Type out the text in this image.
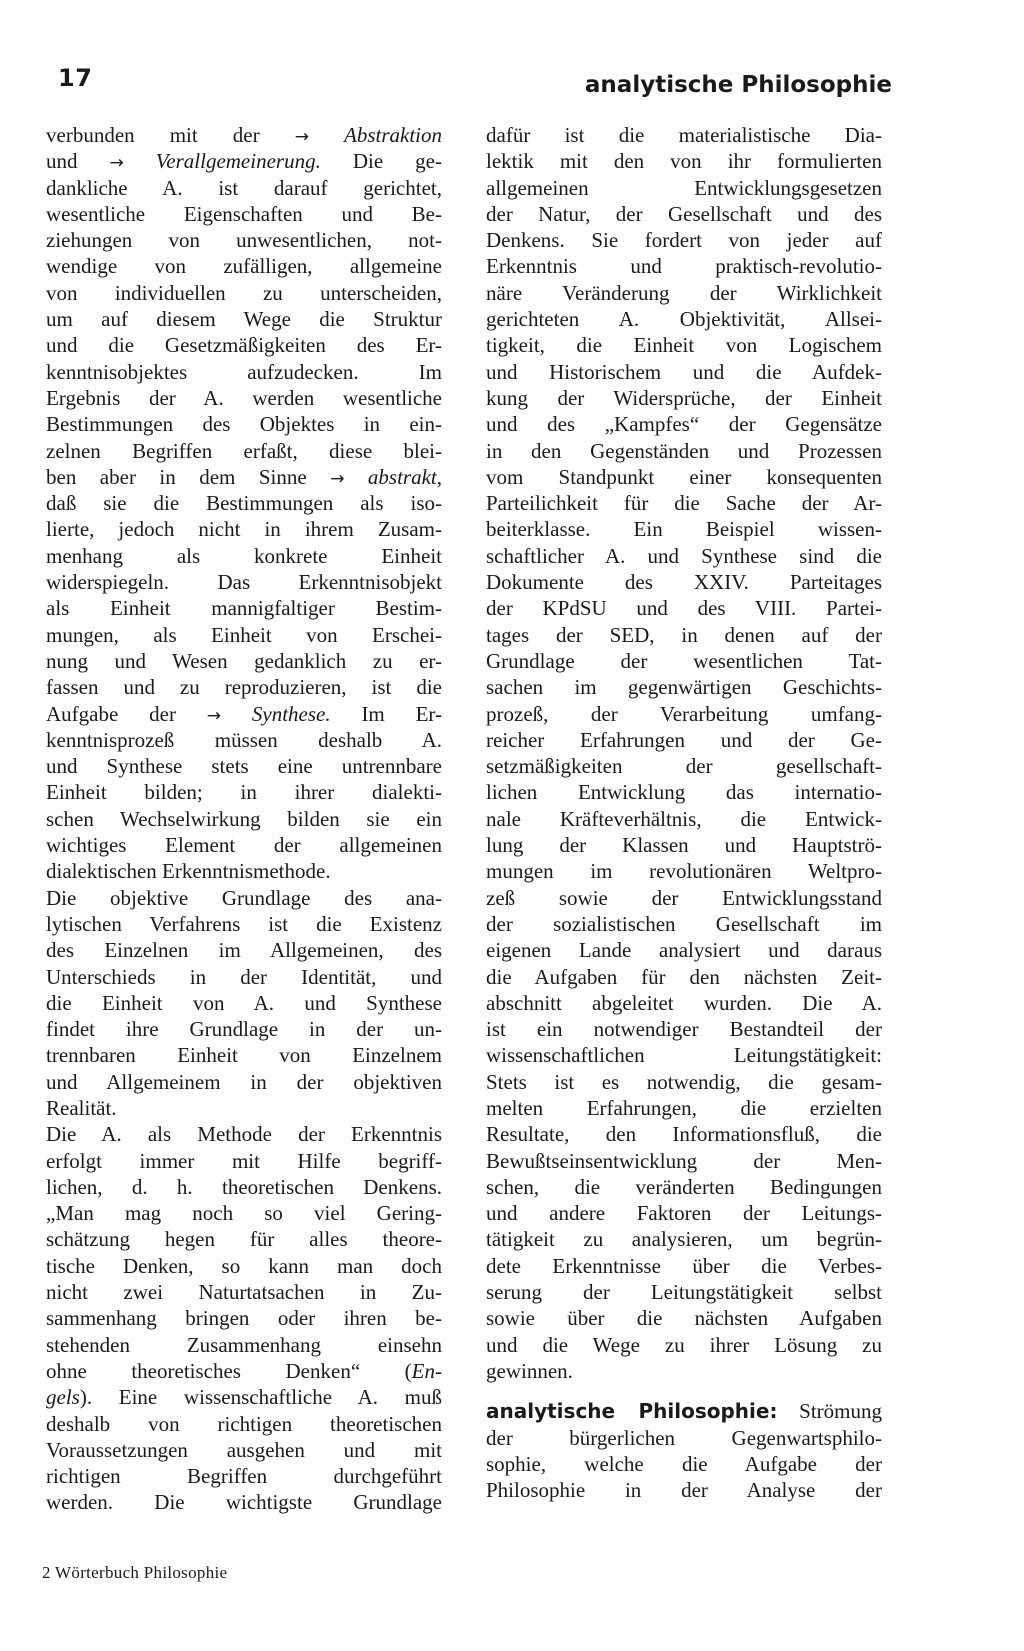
17	analytische Philosophie
verbunden mit der → Abstraktion
und → Verallgemeinerung. Die ge-
dankliche A. ist darauf gerichtet,
wesentliche Eigenschaften und Be-
ziehungen von unwesentlichen, not-
wendige von zufälligen, allgemeine
von individuellen zu unterscheiden,
um auf diesem Wege die Struktur
und die Gesetzmäßigkeiten des Er-
kenntnisobjektes aufzudecken. Im
Ergebnis der A. werden wesentliche
Bestimmungen des Objektes in ein-
zelnen Begriffen erfaßt, diese blei-
ben aber in dem Sinne → abstrakt,
daß sie die Bestimmungen als iso-
lierte, jedoch nicht in ihrem Zusam-
menhang als konkrete Einheit
widerspiegeln. Das Erkenntnisobjekt
als Einheit mannigfaltiger Bestim-
mungen, als Einheit von Erschei-
nung und Wesen gedanklich zu er-
fassen und zu reproduzieren, ist die
Aufgabe der → Synthese. Im Er-
kenntnisprozeß müssen deshalb A.
und Synthese stets eine untrennbare
Einheit bilden; in ihrer dialekti-
schen Wechselwirkung bilden sie ein
wichtiges Element der allgemeinen
dialektischen Erkenntnismethode.
Die objektive Grundlage des ana-
lytischen Verfahrens ist die Existenz
des Einzelnen im Allgemeinen, des
Unterschieds in der Identität, und
die Einheit von A. und Synthese
findet ihre Grundlage in der un-
trennbaren Einheit von Einzelnem
und Allgemeinem in der objektiven
Realität.
Die A. als Methode der Erkenntnis
erfolgt immer mit Hilfe begriff-
lichen, d. h. theoretischen Denkens.
„Man mag noch so viel Gering-
schätzung hegen für alles theore-
tische Denken, so kann man doch
nicht zwei Naturtatsachen in Zu-
sammenhang bringen oder ihren be-
stehenden Zusammenhang einsehn
ohne theoretisches Denken“ (En-
gels). Eine wissenschaftliche A. muß
deshalb von richtigen theoretischen
Voraussetzungen ausgehen und mit
richtigen Begriffen durchgeführt
werden. Die wichtigste Grundlage
dafür ist die materialistische Dia-
lektik mit den von ihr formulierten
allgemeinen Entwicklungsgesetzen
der Natur, der Gesellschaft und des
Denkens. Sie fordert von jeder auf
Erkenntnis und praktisch-revolutio-
näre Veränderung der Wirklichkeit
gerichteten A. Objektivität, Allsei-
tigkeit, die Einheit von Logischem
und Historischem und die Aufdek-
kung der Widersprüche, der Einheit
und des „Kampfes“ der Gegensätze
in den Gegenständen und Prozessen
vom Standpunkt einer konsequenten
Parteilichkeit für die Sache der Ar-
beiterklasse. Ein Beispiel wissen-
schaftlicher A. und Synthese sind die
Dokumente des XXIV. Parteitages
der KPdSU und des VIII. Partei-
tages der SED, in denen auf der
Grundlage der wesentlichen Tat-
sachen im gegenwärtigen Geschichts-
prozeß, der Verarbeitung umfang-
reicher Erfahrungen und der Ge-
setzmäßigkeiten der gesellschaft-
lichen Entwicklung das internatio-
nale Kräfteverhältnis, die Entwick-
lung der Klassen und Hauptströ-
mungen im revolutionären Weltpro-
zeß sowie der Entwicklungsstand
der sozialistischen Gesellschaft im
eigenen Lande analysiert und daraus
die Aufgaben für den nächsten Zeit-
abschnitt abgeleitet wurden. Die A.
ist ein notwendiger Bestandteil der
wissenschaftlichen Leitungstätigkeit:
Stets ist es notwendig, die gesam-
melten Erfahrungen, die erzielten
Resultate, den Informationsfluß, die
Bewußtseinsentwicklung der Men-
schen, die veränderten Bedingungen
und andere Faktoren der Leitungs-
tätigkeit zu analysieren, um begrün-
dete Erkenntnisse über die Verbes-
serung der Leitungstätigkeit selbst
sowie über die nächsten Aufgaben
und die Wege zu ihrer Lösung zu
gewinnen.
analytische Philosophie: Strömung
der bürgerlichen Gegenwartsphilo-
sophie, welche die Aufgabe der
Philosophie in der Analyse der
2 Wörterbuch Philosophie
